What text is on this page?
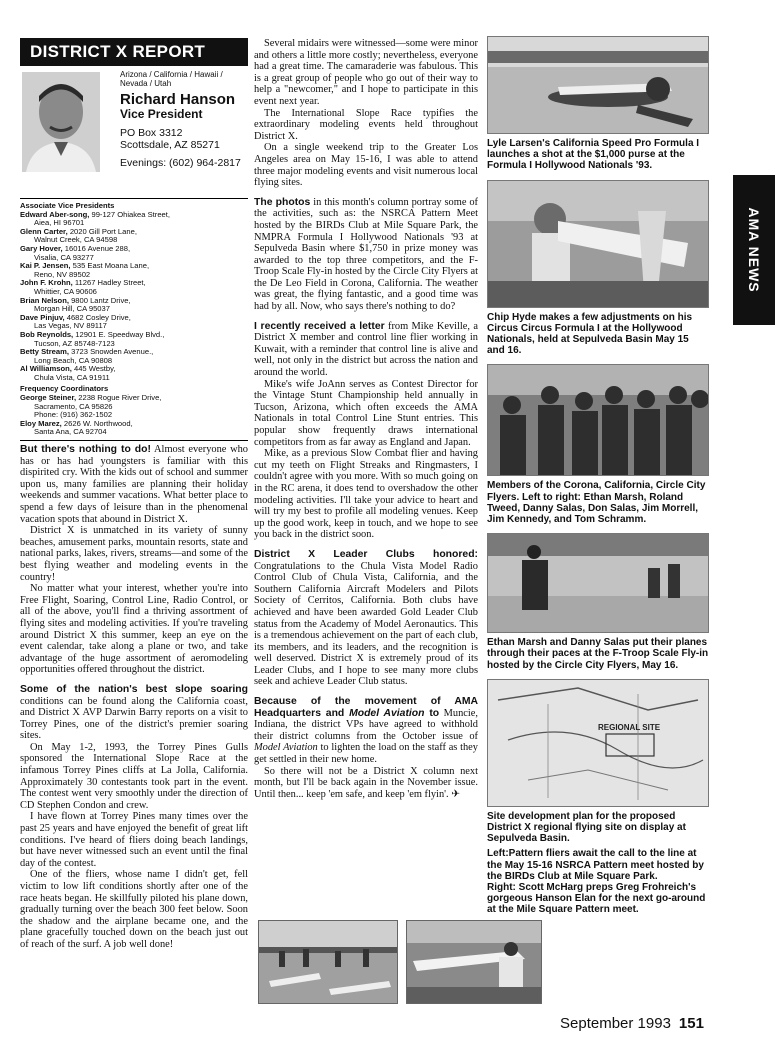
DISTRICT X REPORT
Arizona / California / Hawaii / Nevada / Utah
Richard Hanson
Vice President
PO Box 3312
Scottsdale, AZ 85271
Evenings: (602) 964-2817
Associate Vice Presidents
Edward Aber-song, 99-127 Ohiakea Street,
Aiea, HI 96701
Glenn Carter, 2020 Gill Port Lane,
Walnut Creek, CA 94598
Gary Hover, 16016 Avenue 288,
Visalia, CA 93277
Kai P. Jensen, 535 East Moana Lane,
Reno, NV 89502
John F. Krohn, 11267 Hadley Street,
Whittier, CA 90606
Brian Nelson, 9800 Lantz Drive,
Morgan Hill, CA 95037
Dave Pinjuv, 4682 Cosley Drive,
Las Vegas, NV 89117
Bob Reynolds, 12901 E. Speedway Blvd.,
Tucson, AZ 85748-7123
Betty Stream, 3723 Snowden Avenue.,
Long Beach, CA 90808
Al Williamson, 445 Westby,
Chula Vista, CA 91911
Frequency Coordinators
George Steiner, 2238 Rogue River Drive,
Sacramento, CA 95826
Phone: (916) 362-1502
Eloy Marez, 2626 W. Northwood,
Santa Ana, CA 92704

But there's nothing to do! Almost everyone who has or has had youngsters is familiar with this dispirited cry. With the kids out of school and summer upon us, many families are planning their holiday weekends and summer vacations. What better place to spend a few days of leisure than in the phenomenal vacation spots that abound in District X.

District X is unmatched in its variety of sunny beaches, amusement parks, mountain resorts, state and national parks, lakes, rivers, streams—and some of the best flying weather and modeling events in the country!

No matter what your interest, whether you're into Free Flight, Soaring, Control Line, Radio Control, or all of the above, you'll find a thriving assortment of flying sites and modeling activities. If you're traveling around District X this summer, keep an eye on the event calendar, take along a plane or two, and take advantage of the huge assortment of aeromodeling opportunities offered throughout the district.

Some of the nation's best slope soaring conditions can be found along the California coast, and District X AVP Darwin Barry reports on a visit to Torrey Pines, one of the district's premier soaring sites.

On May 1-2, 1993, the Torrey Pines Gulls sponsored the International Slope Race at the infamous Torrey Pines cliffs at La Jolla, California. Approximately 30 contestants took part in the event. The contest went very smoothly under the direction of CD Stephen Condon and crew.

I have flown at Torrey Pines many times over the past 25 years and have enjoyed the benefit of great lift conditions. I've heard of fliers doing beach landings, but have never witnessed such an event until the final day of the contest.

One of the fliers, whose name I didn't get, fell victim to low lift conditions shortly after one of the race heats began. He skillfully piloted his plane down, gradually turning over the beach 300 feet below. Soon the shadow and the airplane became one, and the plane gracefully touched down on the beach just out of reach of the surf. A job well done!

Several midairs were witnessed—some were minor and others a little more costly; nevertheless, everyone had a great time. The camaraderie was fabulous. This is a great group of people who go out of their way to help a "newcomer," and I hope to participate in this event next year.

The International Slope Race typifies the extraordinary modeling events held throughout District X.

On a single weekend trip to the Greater Los Angeles area on May 15-16, I was able to attend three major modeling events and visit numerous local flying sites.

The photos in this month's column portray some of the activities, such as: the NSRCA Pattern Meet hosted by the BIRDs Club at Mile Square Park, the NMPRA Formula I Hollywood Nationals '93 at Sepulveda Basin where $1,750 in prize money was awarded to the top three competitors, and the F-Troop Scale Fly-in hosted by the Circle City Flyers at the De Leo Field in Corona, California. The weather was great, the flying fantastic, and a good time was had by all. Now, who says there's nothing to do?

I recently received a letter from Mike Keville, a District X member and control line flier working in Kuwait, with a reminder that control line is alive and well, not only in the district but across the nation and around the world.

Mike's wife JoAnn serves as Contest Director for the Vintage Stunt Championship held annually in Tucson, Arizona, which often exceeds the AMA Nationals in total Control Line Stunt entries. This popular show frequently draws international competitors from as far away as England and Japan.

Mike, as a previous Slow Combat flier and having cut my teeth on Flight Streaks and Ringmasters, I couldn't agree with you more. With so much going on in the RC arena, it does tend to overshadow the other modeling activities. I'll take your advice to heart and will try my best to profile all modeling venues. Keep up the good work, keep in touch, and we hope to see you back in the district soon.

District X Leader Clubs honored: Congratulations to the Chula Vista Model Radio Control Club of Chula Vista, California, and the Southern California Aircraft Modelers and Pilots Society of Cerritos, California. Both clubs have achieved and have been awarded Gold Leader Club status from the Academy of Model Aeronautics. This is a tremendous achievement on the part of each club, its members, and its leaders, and the recognition is well deserved. District X is extremely proud of its Leader Clubs, and I hope to see many more clubs seek and achieve Leader Club status.

Because of the movement of AMA Headquarters and Model Aviation to Muncie, Indiana, the district VPs have agreed to withhold their district columns from the October issue of Model Aviation to lighten the load on the staff as they get settled in their new home.

So there will not be a District X column next month, but I'll be back again in the November issue. Until then... keep 'em safe, and keep 'em flyin'. ✈

Lyle Larsen's California Speed Pro Formula I launches a shot at the $1,000 purse at the Formula I Hollywood Nationals '93.
Chip Hyde makes a few adjustments on his Circus Circus Formula I at the Hollywood Nationals, held at Sepulveda Basin May 15 and 16.
Members of the Corona, California, Circle City Flyers. Left to right: Ethan Marsh, Roland Tweed, Danny Salas, Don Salas, Jim Morrell, Jim Kennedy, and Tom Schramm.
Ethan Marsh and Danny Salas put their planes through their paces at the F-Troop Scale Fly-in hosted by the Circle City Flyers, May 16.
REGIONAL SITE
Site development plan for the proposed District X regional flying site on display at Sepulveda Basin.
Left:Pattern fliers await the call to the line at the May 15-16 NSRCA Pattern meet hosted by the BIRDs Club at Mile Square Park.
Right: Scott McHarg preps Greg Frohreich's gorgeous Hanson Elan for the next go-around at the Mile Square Pattern meet.
AMA NEWS
September 1993 151
